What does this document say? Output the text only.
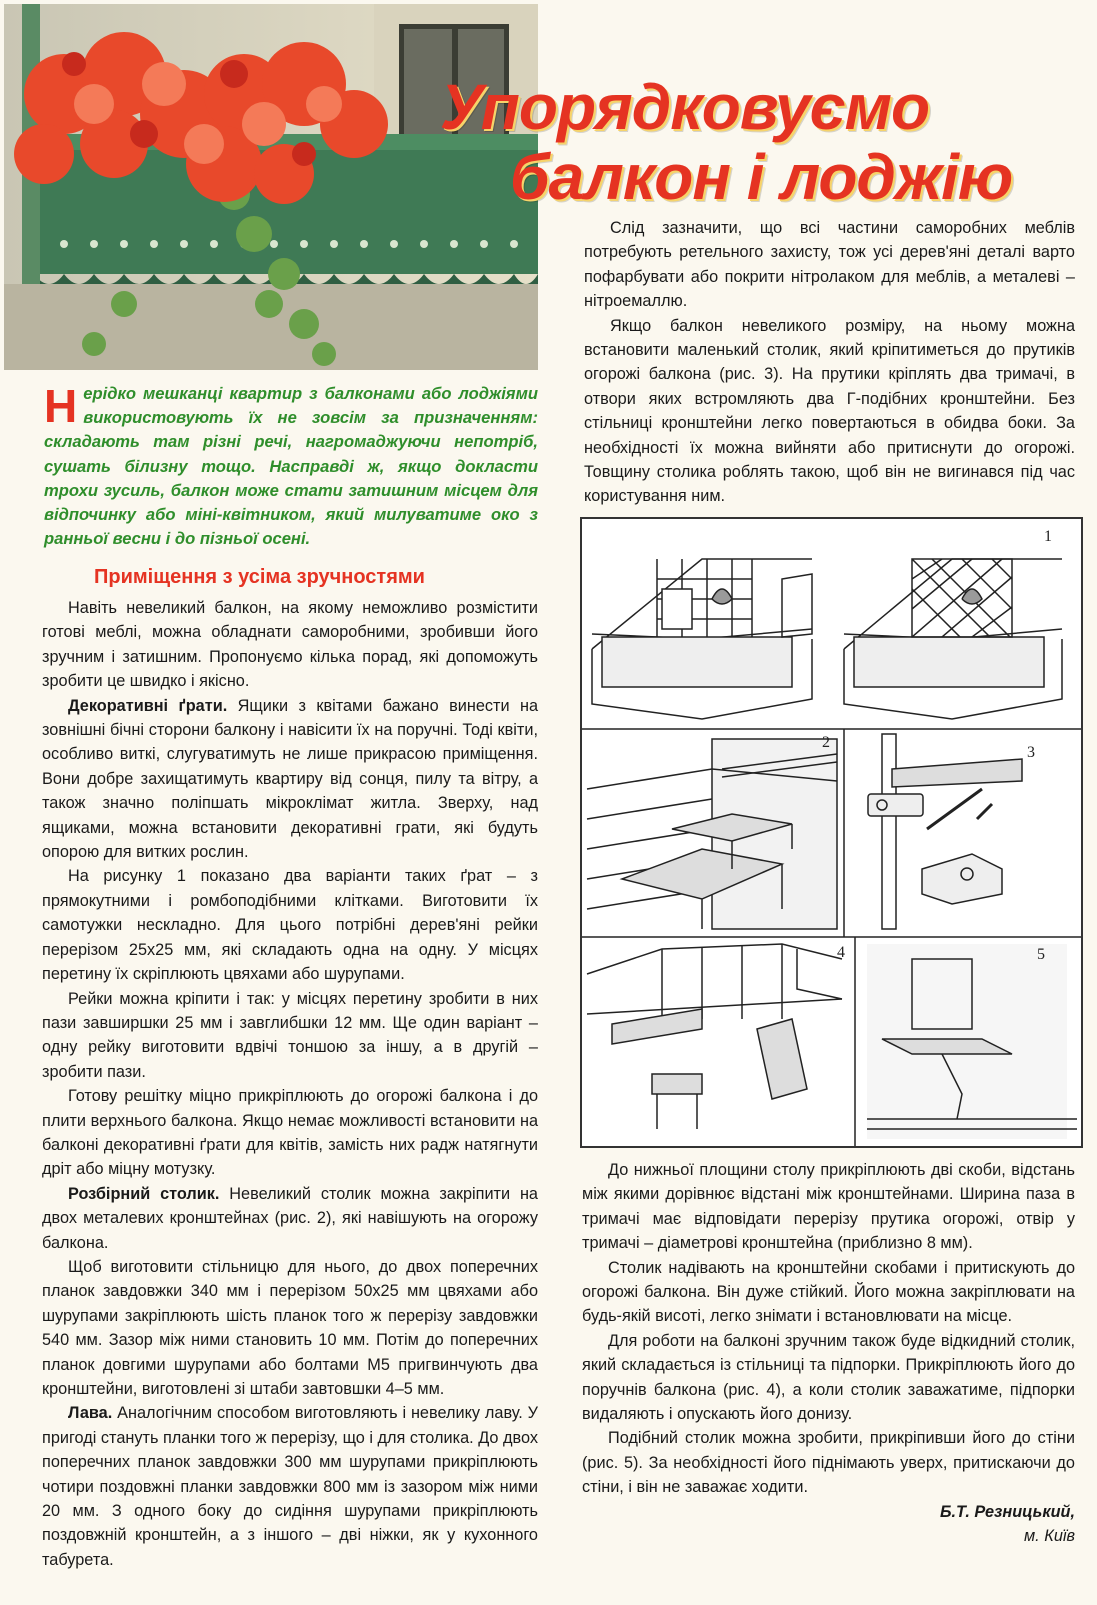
Упорядковуємо
балкон і лоджію
Нерідко мешканці квартир з балконами або лоджіями використовують їх не зовсім за призначенням: складають там різні речі, нагромаджуючи непотріб, сушать білизну тощо. Насправді ж, якщо докласти трохи зусиль, балкон може стати затишним місцем для відпочинку або міні-квітником, який милуватиме око з ранньої весни і до пізньої осені.
Приміщення з усіма зручностями

Навіть невеликий балкон, на якому неможливо розмістити готові меблі, можна обладнати саморобними, зробивши його зручним і затишним. Пропонуємо кілька порад, які допоможуть зробити це швидко і якісно.

Декоративні ґрати. Ящики з квітами бажано винести на зовнішні бічні сторони балкону і навісити їх на поручні. Тоді квіти, особливо виткі, слугуватимуть не лише прикрасою приміщення. Вони добре захищатимуть квартиру від сонця, пилу та вітру, а також значно поліпшать мікроклімат житла. Зверху, над ящиками, можна встановити декоративні грати, які будуть опорою для витких рослин.

На рисунку 1 показано два варіанти таких ґрат – з прямокутними і ромбоподібними клітками. Виготовити їх самотужки нескладно. Для цього потрібні дерев'яні рейки перерізом 25х25 мм, які складають одна на одну. У місцях перетину їх скріплюють цвяхами або шурупами.

Рейки можна кріпити і так: у місцях перетину зробити в них пази завширшки 25 мм і завглибшки 12 мм. Ще один варіант – одну рейку виготовити вдвічі тоншою за іншу, а в другій – зробити пази.

Готову решітку міцно прикріплюють до огорожі балкона і до плити верхнього балкона. Якщо немає можливості встановити на балконі декоративні ґрати для квітів, замість них радж натягнути дріт або міцну мотузку.

Розбірний столик. Невеликий столик можна закріпити на двох металевих кронштейнах (рис. 2), які навішують на огорожу балкона.

Щоб виготовити стільницю для нього, до двох поперечних планок завдовжки 340 мм і перерізом 50х25 мм цвяхами або шурупами закріплюють шість планок того ж перерізу завдовжки 540 мм. Зазор між ними становить 10 мм. Потім до поперечних планок довгими шурупами або болтами М5 пригвинчують два кронштейни, виготовлені зі штаби завтовшки 4–5 мм.

Лава. Аналогічним способом виготовляють і невелику лаву. У пригоді стануть планки того ж перерізу, що і для столика. До двох поперечних планок завдовжки 300 мм шурупами прикріплюють чотири поздовжні планки завдовжки 800 мм із зазором між ними 20 мм. З одного боку до сидіння шурупами прикріплюють поздовжній кронштейн, а з іншого – дві ніжки, як у кухонного табурета.

Слід зазначити, що всі частини саморобних меблів потребують ретельного захисту, тож усі дерев'яні деталі варто пофарбувати або покрити нітролаком для меблів, а металеві – нітроемаллю.

Якщо балкон невеликого розміру, на ньому можна встановити маленький столик, який кріпитиметься до прутиків огорожі балкона (рис. 3). На прутики кріплять два тримачі, в отвори яких встромляють два Г-подібних кронштейни. Без стільниці кронштейни легко повертаються в обидва боки. За необхідності їх можна вийняти або притиснути до огорожі. Товщину столика роблять такою, щоб він не вигинався під час користування ним.

1
2
3
4	5

До нижньої площини столу прикріплюють дві скоби, відстань між якими дорівнює відстані між кронштейнами. Ширина паза в тримачі має відповідати перерізу прутика огорожі, отвір у тримачі – діаметрові кронштейна (приблизно 8 мм).

Столик надівають на кронштейни скобами і притискують до огорожі балкона. Він дуже стійкий. Його можна закріплювати на будь-якій висоті, легко знімати і встановлювати на місце.

Для роботи на балконі зручним також буде відкидний столик, який складається із стільниці та підпорки. Прикріплюють його до поручнів балкона (рис. 4), а коли столик заважатиме, підпорки видаляють і опускають його донизу.

Подібний столик можна зробити, прикріпивши його до стіни (рис. 5). За необхідності його піднімають уверх, притискаючи до стіни, і він не заважає ходити.

Б.Т. Резницький,

м. Київ
